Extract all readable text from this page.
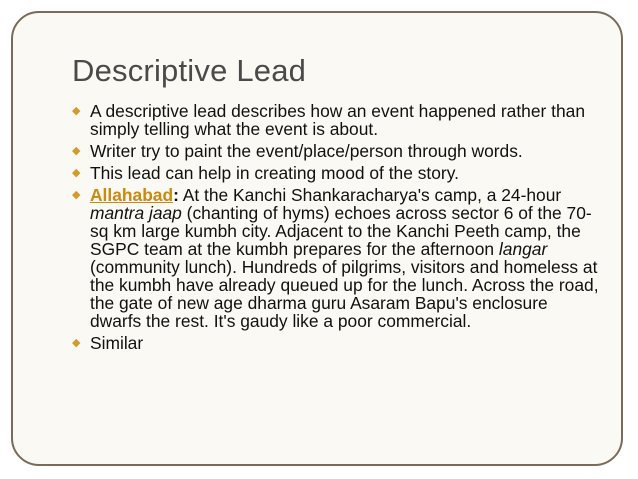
Descriptive Lead
◆ A descriptive lead describes how an event happened rather than simply telling what the event is about.
◆ Writer try to paint the event/place/person through words.
◆ This lead can help in creating mood of the story.
◆ Allahabad: At the Kanchi Shankaracharya's camp, a 24-hour mantra jaap (chanting of hyms) echoes across sector 6 of the 70-sq km large kumbh city. Adjacent to the Kanchi Peeth camp, the SGPC team at the kumbh prepares for the afternoon langar (community lunch). Hundreds of pilgrims, visitors and homeless at the kumbh have already queued up for the lunch. Across the road, the gate of new age dharma guru Asaram Bapu's enclosure dwarfs the rest. It's gaudy like a poor commercial.
◆ Similar
